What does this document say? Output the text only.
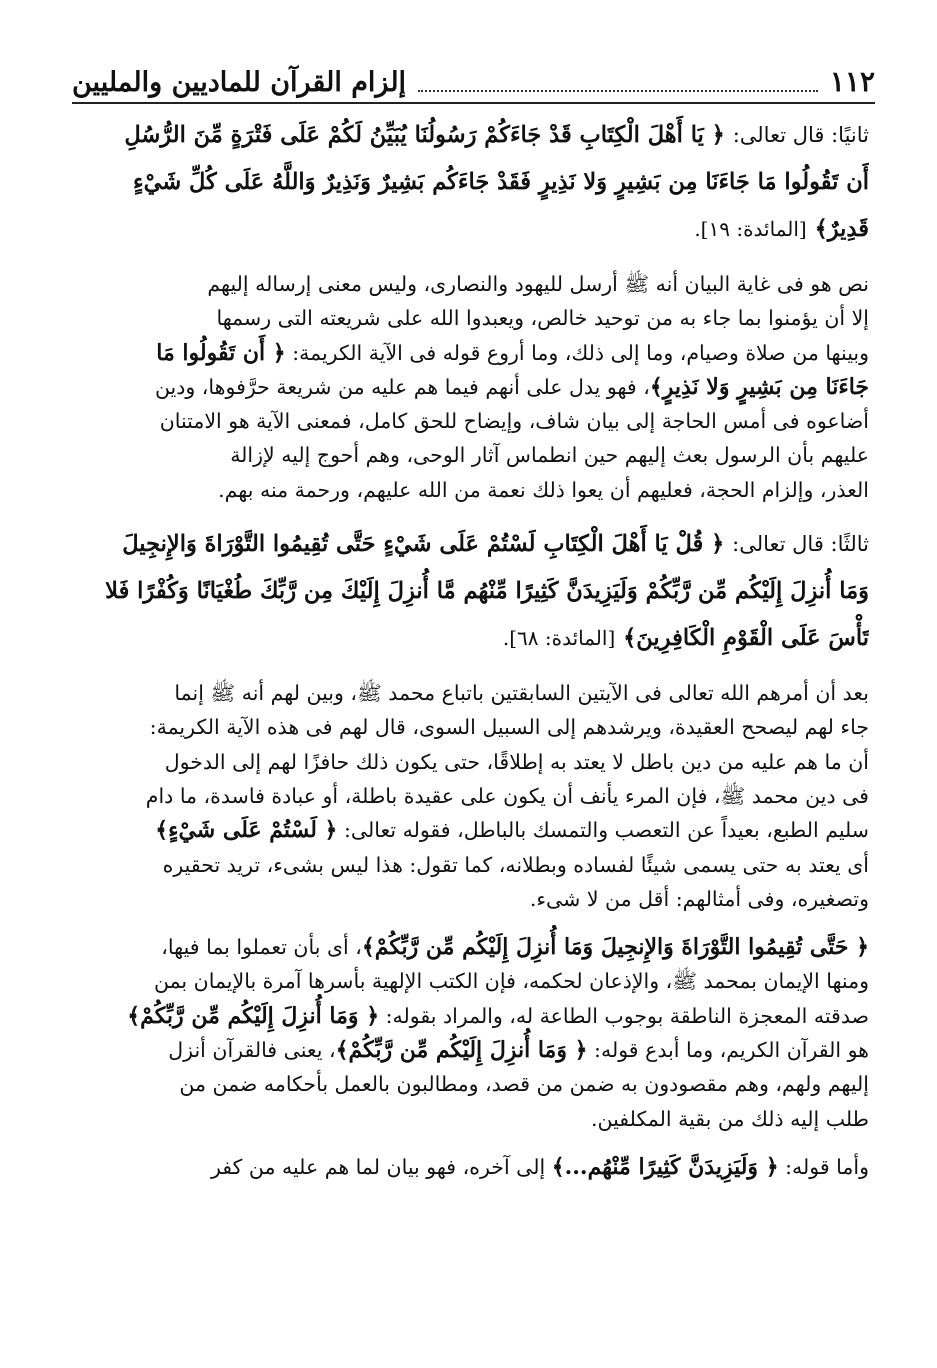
١١٢
إلزام القرآن للماديين والمليين
ثانيًا: قال تعالى: ﴿ يَا أَهْلَ الْكِتَابِ قَدْ جَاءَكُمْ رَسُولُنَا يُبَيِّنُ لَكُمْ عَلَى فَتْرَةٍ مِّنَ الرُّسُلِ
أَن تَقُولُوا مَا جَاءَنَا مِن بَشِيرٍ وَلا نَذِيرٍ فَقَدْ جَاءَكُم بَشِيرٌ وَنَذِيرٌ وَاللَّهُ عَلَى كُلِّ شَيْءٍ
قَدِيرٌ﴾ [المائدة: ١٩].
نص هو فى غاية البيان أنه ﷺ أرسل لليهود والنصارى، وليس معنى إرساله إليهم
إلا أن يؤمنوا بما جاء به من توحيد خالص، ويعبدوا الله على شريعته التى رسمها
وبينها من صلاة وصيام، وما إلى ذلك، وما أروع قوله فى الآية الكريمة: ﴿ أَن تَقُولُوا مَا
جَاءَنَا مِن بَشِيرٍ وَلا نَذِيرٍ﴾، فهو يدل على أنهم فيما هم عليه من شريعة حرَّفوها، ودين
أضاعوه فى أمس الحاجة إلى بيان شاف، وإيضاح للحق كامل، فمعنى الآية هو الامتنان
عليهم بأن الرسول بعث إليهم حين انطماس آثار الوحى، وهم أحوج إليه لإزالة
العذر، وإلزام الحجة، فعليهم أن يعوا ذلك نعمة من الله عليهم، ورحمة منه بهم.
ثالثًا: قال تعالى: ﴿ قُلْ يَا أَهْلَ الْكِتَابِ لَسْتُمْ عَلَى شَيْءٍ حَتَّى تُقِيمُوا التَّوْرَاةَ وَالإِنجِيلَ
وَمَا أُنزِلَ إِلَيْكُم مِّن رَّبِّكُمْ وَلَيَزِيدَنَّ كَثِيرًا مِّنْهُم مَّا أُنزِلَ إِلَيْكَ مِن رَّبِّكَ طُغْيَانًا وَكُفْرًا فَلا
تَأْسَ عَلَى الْقَوْمِ الْكَافِرِينَ﴾ [المائدة: ٦٨].
بعد أن أمرهم الله تعالى فى الآيتين السابقتين باتباع محمد ﷺ، وبين لهم أنه ﷺ إنما
جاء لهم ليصحح العقيدة، ويرشدهم إلى السبيل السوى، قال لهم فى هذه الآية الكريمة:
أن ما هم عليه من دين باطل لا يعتد به إطلاقًا، حتى يكون ذلك حافزًا لهم إلى الدخول
فى دين محمد ﷺ، فإن المرء يأنف أن يكون على عقيدة باطلة، أو عبادة فاسدة، ما دام
سليم الطبع، بعيداً عن التعصب والتمسك بالباطل، فقوله تعالى: ﴿ لَسْتُمْ عَلَى شَيْءٍ﴾
أى يعتد به حتى يسمى شيئًا لفساده وبطلانه، كما تقول: هذا ليس بشىء، تريد تحقيره
وتصغيره، وفى أمثالهم: أقل من لا شىء.
﴿ حَتَّى تُقِيمُوا التَّوْرَاةَ وَالإِنجِيلَ وَمَا أُنزِلَ إِلَيْكُم مِّن رَّبِّكُمْ﴾، أى بأن تعملوا بما فيها،
ومنها الإيمان بمحمد ﷺ، والإذعان لحكمه، فإن الكتب الإلهية بأسرها آمرة بالإيمان بمن
صدقته المعجزة الناطقة بوجوب الطاعة له، والمراد بقوله: ﴿ وَمَا أُنزِلَ إِلَيْكُم مِّن رَّبِّكُمْ﴾
هو القرآن الكريم، وما أبدع قوله: ﴿ وَمَا أُنزِلَ إِلَيْكُم مِّن رَّبِّكُمْ﴾، يعنى فالقرآن أنزل
إليهم ولهم، وهم مقصودون به ضمن من قصد، ومطالبون بالعمل بأحكامه ضمن من
طلب إليه ذلك من بقية المكلفين.
وأما قوله: ﴿ وَلَيَزِيدَنَّ كَثِيرًا مِّنْهُم...﴾ إلى آخره، فهو بيان لما هم عليه من كفر
